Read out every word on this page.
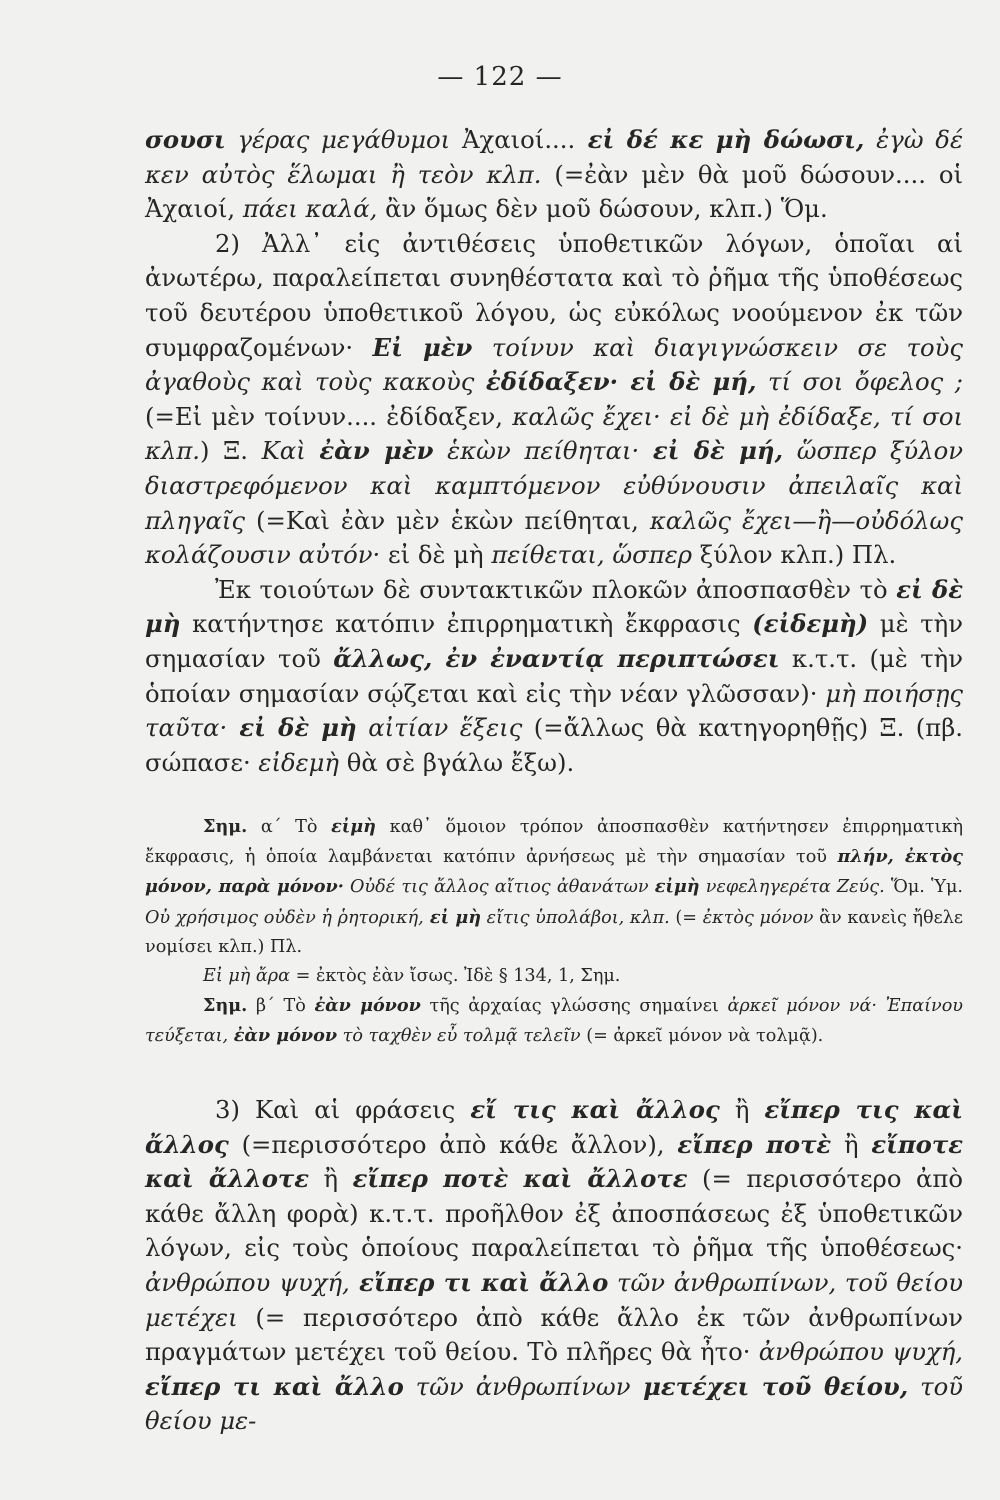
— 122 —

σουσι γέρας μεγάθυμοι Ἀχαιοί.... εἰ δέ κε μὴ δώωσι, ἐγὼ δέ κεν αὐτὸς ἕλωμαι ἢ τεὸν κλπ. (=ἐὰν μὲν θὰ μοῦ δώσουν.... οἱ Ἀχαιοί, πάει καλά, ἂν ὅμως δὲν μοῦ δώσουν, κλπ.) Ὅμ.

2) Ἀλλ᾽ εἰς ἀντιθέσεις ὑποθετικῶν λόγων, ὁποῖαι αἱ ἀνωτέρω, παραλείπεται συνηθέστατα καὶ τὸ ῥῆμα τῆς ὑποθέσεως τοῦ δευτέρου ὑποθετικοῦ λόγου, ὡς εὐκόλως νοούμενον ἐκ τῶν συμφραζομένων· Εἰ μὲν τοίνυν καὶ διαγιγνώσκειν σε τοὺς ἀγαθοὺς καὶ τοὺς κακοὺς ἐδίδαξεν· εἰ δὲ μή, τί σοι ὄφελος ; (=Εἰ μὲν τοίνυν.... ἐδίδαξεν, καλῶς ἔχει· εἰ δὲ μὴ ἐδίδαξε, τί σοι κλπ.) Ξ. Καὶ ἐὰν μὲν ἑκὼν πείθηται· εἰ δὲ μή, ὥσπερ ξύλον διαστρεφόμενον καὶ καμπτόμενον εὐθύνουσιν ἀπειλαῖς καὶ πληγαῖς (=Καὶ ἐὰν μὲν ἑκὼν πείθηται, καλῶς ἔχει—ἢ—οὐδόλως κολάζουσιν αὐτόν· εἰ δὲ μὴ πείθεται, ὥσπερ ξύλον κλπ.) Πλ.

Ἐκ τοιούτων δὲ συντακτικῶν πλοκῶν ἀποσπασθὲν τὸ εἰ δὲ μὴ κατήντησε κατόπιν ἐπιρρηματικὴ ἔκφρασις (εἰδεμὴ) μὲ τὴν σημασίαν τοῦ ἄλλως, ἐν ἐναντίᾳ περιπτώσει κ.τ.τ. (μὲ τὴν ὁποίαν σημασίαν σῴζεται καὶ εἰς τὴν νέαν γλῶσσαν)· μὴ ποιήσῃς ταῦτα· εἰ δὲ μὴ αἰτίαν ἕξεις (=ἄλλως θὰ κατηγορηθῇς) Ξ. (πβ. σώπασε· εἰδεμὴ θὰ σὲ βγάλω ἔξω).

Σημ. α´ Τὸ εἰμὴ καθ᾽ ὅμοιον τρόπον ἀποσπασθὲν κατήντησεν ἐπιρρηματικὴ ἔκφρασις, ἡ ὁποία λαμβάνεται κατόπιν ἀρνήσεως μὲ τὴν σημασίαν τοῦ πλήν, ἐκτὸς μόνον, παρὰ μόνον· Οὐδέ τις ἄλλος αἴτιος ἀθανάτων εἰμὴ νεφεληγερέτα Ζεύς. Ὅμ. Ὑμ. Οὐ χρήσιμος οὐδὲν ἡ ῥητορική, εἰ μὴ εἴτις ὑπολάβοι, κλπ. (= ἐκτὸς μόνον ἂν κανεὶς ἤθελε νομίσει κλπ.) Πλ.

Εἰ μὴ ἄρα = ἐκτὸς ἐὰν ἴσως. Ἰδὲ § 134, 1, Σημ.

Σημ. β´ Τὸ ἐὰν μόνον τῆς ἀρχαίας γλώσσης σημαίνει ἀρκεῖ μόνον νά· Ἐπαίνου τεύξεται, ἐὰν μόνον τὸ ταχθὲν εὖ τολμᾷ τελεῖν (= ἀρκεῖ μόνον νὰ τολμᾷ).

3) Καὶ αἱ φράσεις εἴ τις καὶ ἄλλος ἢ εἴπερ τις καὶ ἄλλος (=περισσότερο ἀπὸ κάθε ἄλλον), εἴπερ ποτὲ ἢ εἴποτε καὶ ἄλλοτε ἢ εἴπερ ποτὲ καὶ ἄλλοτε (= περισσότερο ἀπὸ κάθε ἄλλη φορὰ) κ.τ.τ. προῆλθον ἐξ ἀποσπάσεως ἐξ ὑποθετικῶν λόγων, εἰς τοὺς ὁποίους παραλείπεται τὸ ῥῆμα τῆς ὑποθέσεως· ἀνθρώπου ψυχή, εἴπερ τι καὶ ἄλλο τῶν ἀνθρωπίνων, τοῦ θείου μετέχει (= περισσότερο ἀπὸ κάθε ἄλλο ἐκ τῶν ἀνθρωπίνων πραγμάτων μετέχει τοῦ θείου. Τὸ πλῆρες θὰ ἦτο· ἀνθρώπου ψυχή, εἴπερ τι καὶ ἄλλο τῶν ἀνθρωπίνων μετέχει τοῦ θείου, τοῦ θείου με-
